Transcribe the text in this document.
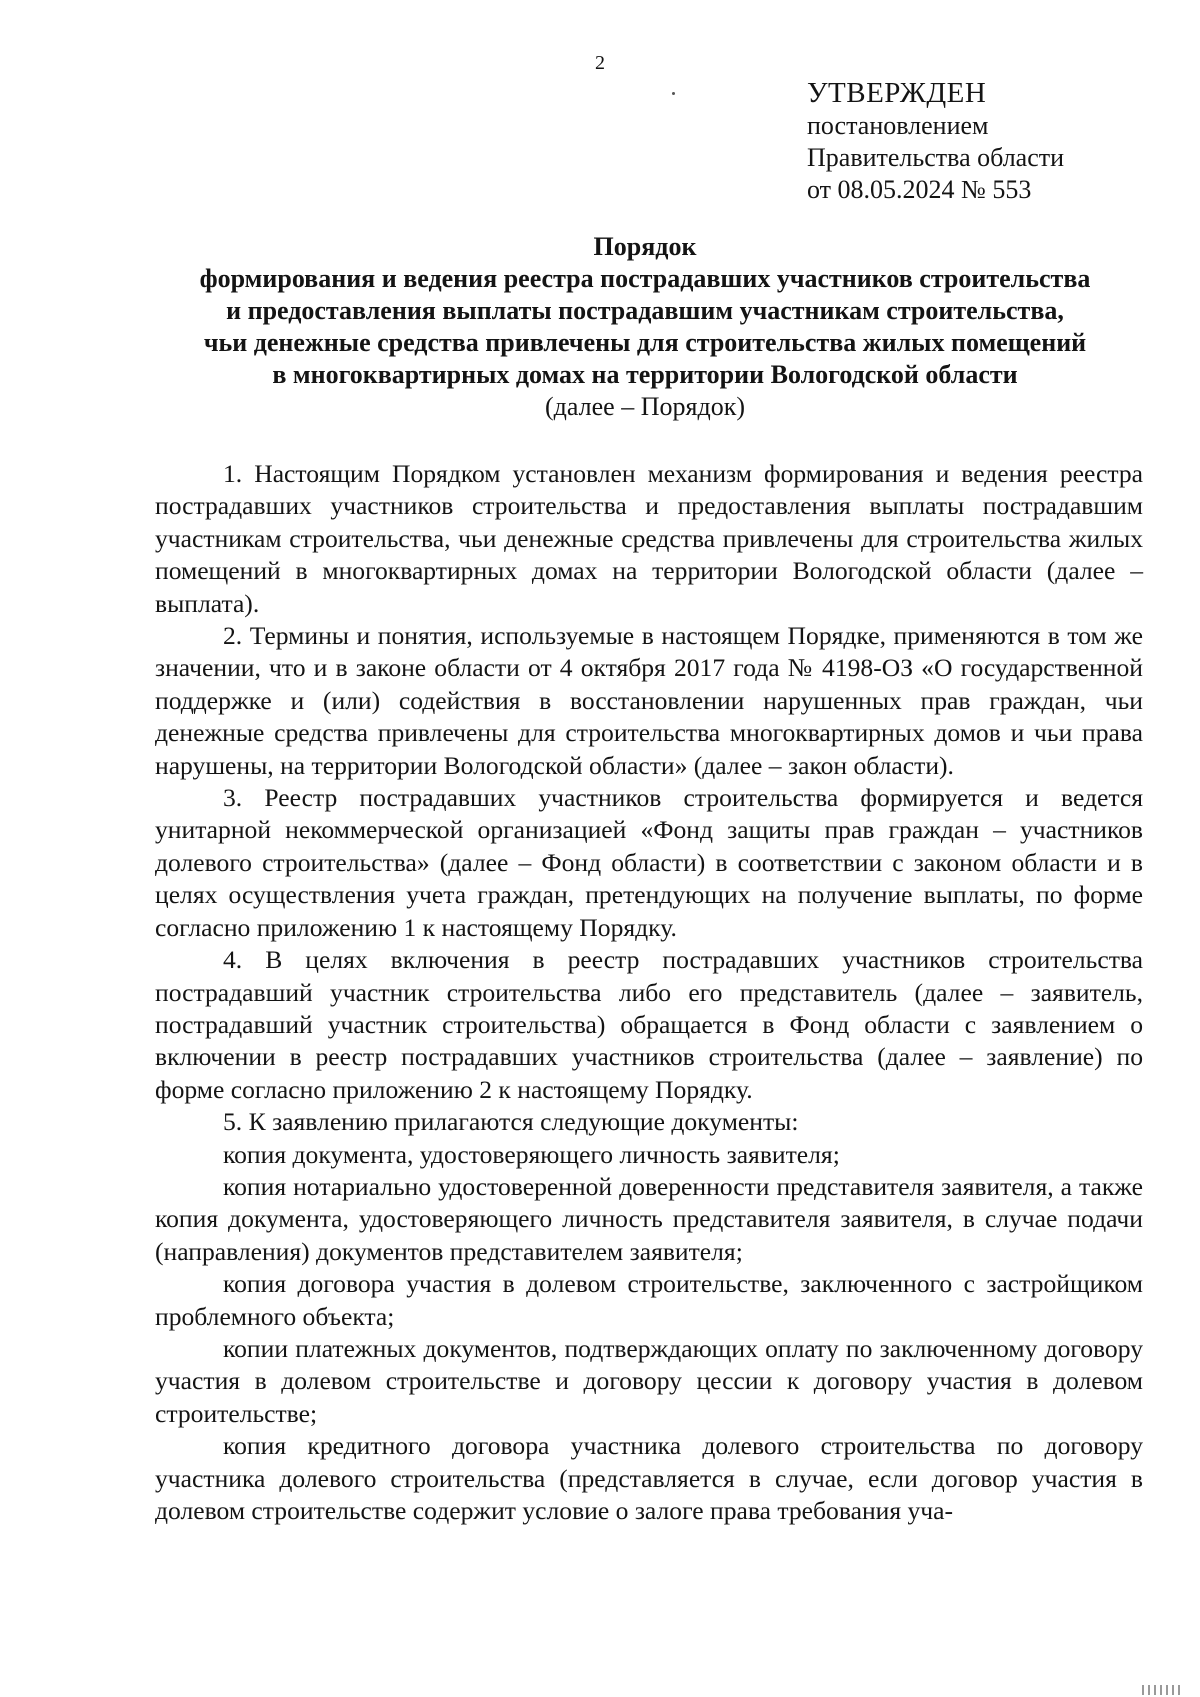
2
УТВЕРЖДЕН
постановлением
Правительства области
от 08.05.2024 № 553
Порядок
формирования и ведения реестра пострадавших участников строительства
и предоставления выплаты пострадавшим участникам строительства,
чьи денежные средства привлечены для строительства жилых помещений
в многоквартирных домах на территории Вологодской области
(далее – Порядок)

1. Настоящим Порядком установлен механизм формирования и ведения реестра пострадавших участников строительства и предоставления выплаты пострадавшим участникам строительства, чьи денежные средства привлечены для строительства жилых помещений в многоквартирных домах на территории Вологодской области (далее – выплата).

2. Термины и понятия, используемые в настоящем Порядке, применяются в том же значении, что и в законе области от 4 октября 2017 года № 4198-ОЗ «О государственной поддержке и (или) содействия в восстановлении нарушенных прав граждан, чьи денежные средства привлечены для строительства многоквартирных домов и чьи права нарушены, на территории Вологодской области» (далее – закон области).

3. Реестр пострадавших участников строительства формируется и ведется унитарной некоммерческой организацией «Фонд защиты прав граждан – участников долевого строительства» (далее – Фонд области) в соответствии с законом области и в целях осуществления учета граждан, претендующих на получение выплаты, по форме согласно приложению 1 к настоящему Порядку.

4. В целях включения в реестр пострадавших участников строительства пострадавший участник строительства либо его представитель (далее – заявитель, пострадавший участник строительства) обращается в Фонд области с заявлением о включении в реестр пострадавших участников строительства (далее – заявление) по форме согласно приложению 2 к настоящему Порядку.

5. К заявлению прилагаются следующие документы:

копия документа, удостоверяющего личность заявителя;

копия нотариально удостоверенной доверенности представителя заявителя, а также копия документа, удостоверяющего личность представителя заявителя, в случае подачи (направления) документов представителем заявителя;

копия договора участия в долевом строительстве, заключенного с застройщиком проблемного объекта;

копии платежных документов, подтверждающих оплату по заключенному договору участия в долевом строительстве и договору цессии к договору участия в долевом строительстве;

копия кредитного договора участника долевого строительства по договору участника долевого строительства (представляется в случае, если договор участия в долевом строительстве содержит условие о залоге права требования уча-
